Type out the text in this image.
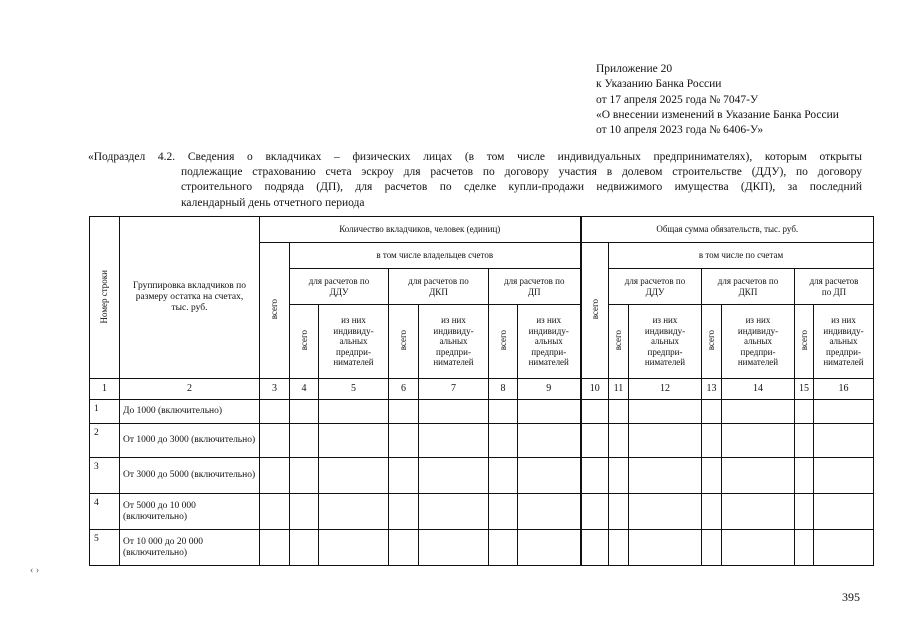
Приложение 20
к Указанию Банка России
от 17 апреля 2025 года № 7047-У
«О внесении изменений в Указание Банка России
от 10 апреля 2023 года № 6406-У»
«Подраздел 4.2. Сведения о вкладчиках – физических лицах (в том числе индивидуальных предпринимателях), которым открыты
подлежащие страхованию счета эскроу для расчетов по договору участия в долевом строительстве (ДДУ), по договору
строительного подряда (ДП), для расчетов по сделке купли-продажи недвижимого имущества (ДКП), за последний
календарный день отчетного периода
Номер строки	Группировка вкладчиков по размеру остатка на счетах, тыс. руб.	Количество вкладчиков, человек (единиц)							Общая сумма обязательств, тыс. руб.						
		всего	в том числе владельцев счетов						всего	в том числе по счетам					
			для расчетов по ДДУ		для расчетов по ДКП		для расчетов по ДП			для расчетов по ДДУ		для расчетов по ДКП		для расчетов по ДП	
			всего	из них индивиду-альных предпри-нимателей	всего	из них индивиду-альных предпри-нимателей	всего	из них индивиду-альных предпри-нимателей		всего	из них индивиду-альных предпри-нимателей	всего	из них индивиду-альных предпри-нимателей	всего	из них индивиду-альных предпри-нимателей
1	2	3	4	5	6	7	8	9	10	11	12	13	14	15	16
1	До 1000 (включительно)														
2	От 1000 до 3000 (включительно)														
3	От 3000 до 5000 (включительно)														
4	От 5000 до 10 000 (включительно)														
5	От 10 000 до 20 000 (включительно)														
‹ ›
395
